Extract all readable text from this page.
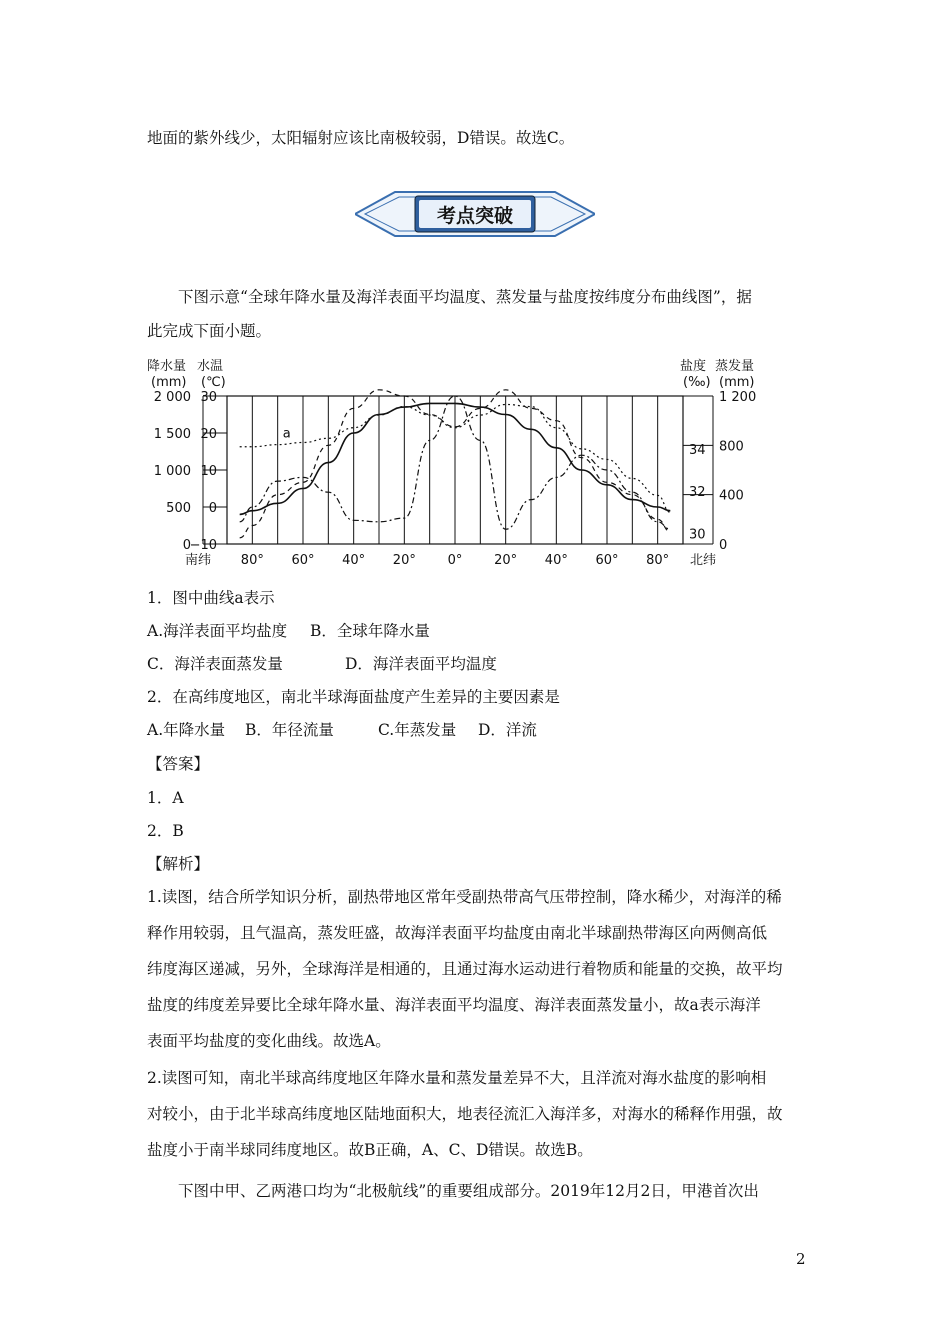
地面的紫外线少，太阳辐射应该比南极较弱，D错误。故选C。
考点突破
下图示意“全球年降水量及海洋表面平均温度、蒸发量与盐度按纬度分布曲线图”，据
此完成下面小题。
降水量 水温
(mm) (℃)
盐度 蒸发量
(‰) (mm)
80° 60° 40° 20° 0° 20° 40° 60° 80°
2 000
1 500
1 000
500
0
30
20
10
0
−10
1 200
800
400
0
34
32
30
a
南纬	北纬
1．图中曲线a表示
A.海洋表面平均盐度 B．全球年降水量
C．海洋表面蒸发量	D．海洋表面平均温度
2．在高纬度地区，南北半球海面盐度产生差异的主要因素是
A.年降水量 B．年径流量	C.年蒸发量 D．洋流
【答案】
1．A
2．B
【解析】
1.读图，结合所学知识分析，副热带地区常年受副热带高气压带控制，降水稀少，对海洋的稀
释作用较弱，且气温高，蒸发旺盛，故海洋表面平均盐度由南北半球副热带海区向两侧高低
纬度海区递减，另外，全球海洋是相通的，且通过海水运动进行着物质和能量的交换，故平均
盐度的纬度差异要比全球年降水量、海洋表面平均温度、海洋表面蒸发量小，故a表示海洋
表面平均盐度的变化曲线。故选A。
2.读图可知，南北半球高纬度地区年降水量和蒸发量差异不大，且洋流对海水盐度的影响相
对较小，由于北半球高纬度地区陆地面积大，地表径流汇入海洋多，对海水的稀释作用强，故
盐度小于南半球同纬度地区。故B正确，A、C、D错误。故选B。
下图中甲、乙两港口均为“北极航线”的重要组成部分。2019年12月2日，甲港首次出
2
